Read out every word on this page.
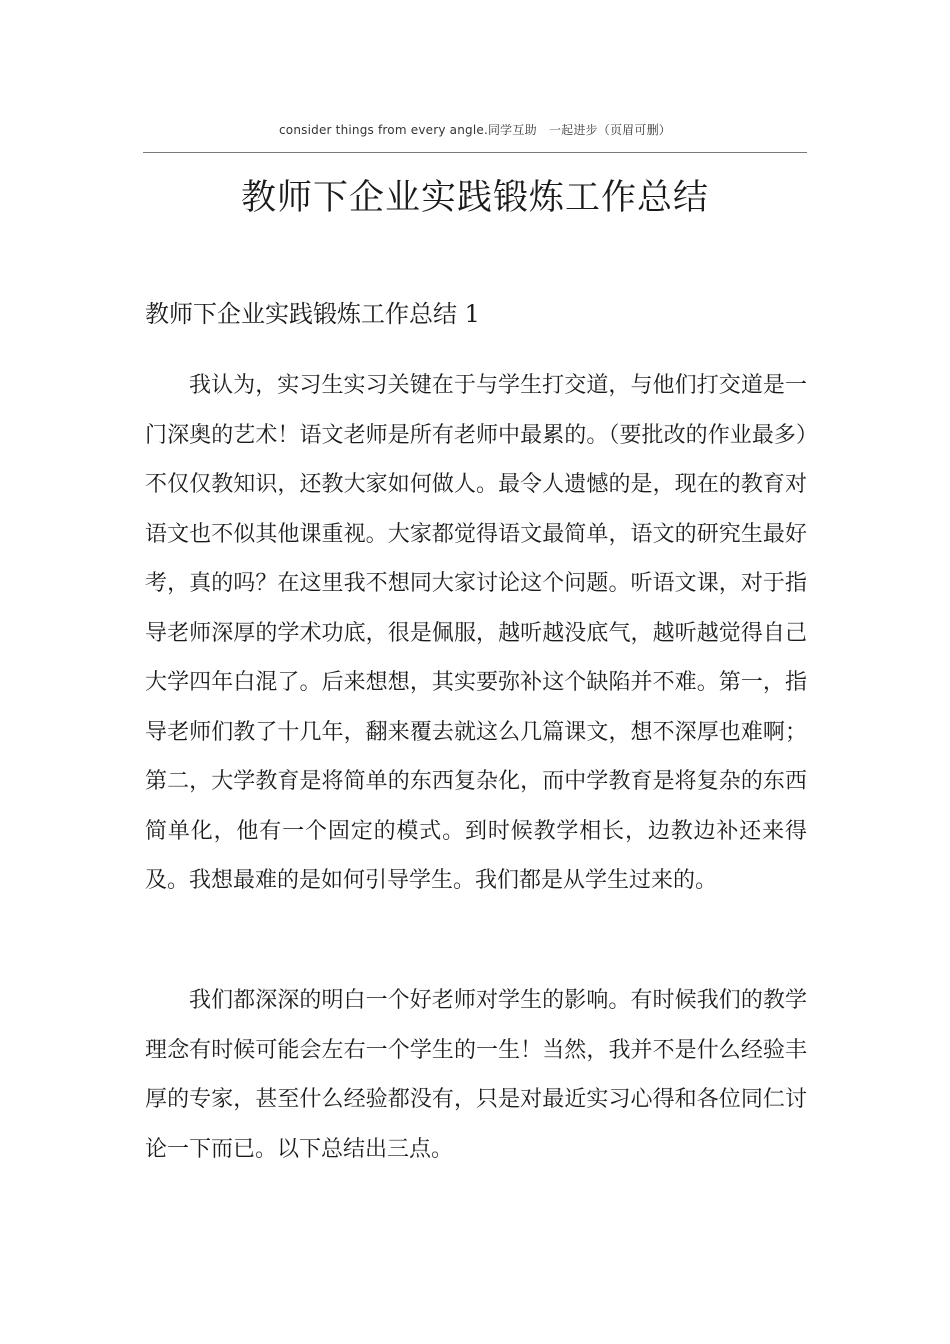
consider things from every angle.同学互助　一起进步（页眉可删）
教师下企业实践锻炼工作总结
教师下企业实践锻炼工作总结 1

我认为，实习生实习关键在于与学生打交道，与他们打交道是一门深奥的艺术！语文老师是所有老师中最累的。（要批改的作业最多）不仅仅教知识，还教大家如何做人。最令人遗憾的是，现在的教育对语文也不似其他课重视。大家都觉得语文最简单，语文的研究生最好考，真的吗？在这里我不想同大家讨论这个问题。听语文课，对于指导老师深厚的学术功底，很是佩服，越听越没底气，越听越觉得自己大学四年白混了。后来想想，其实要弥补这个缺陷并不难。第一，指导老师们教了十几年，翻来覆去就这么几篇课文，想不深厚也难啊；第二，大学教育是将简单的东西复杂化，而中学教育是将复杂的东西简单化，他有一个固定的模式。到时候教学相长，边教边补还来得及。我想最难的是如何引导学生。我们都是从学生过来的。

我们都深深的明白一个好老师对学生的影响。有时候我们的教学理念有时候可能会左右一个学生的一生！当然，我并不是什么经验丰厚的专家，甚至什么经验都没有，只是对最近实习心得和各位同仁讨论一下而已。以下总结出三点。
